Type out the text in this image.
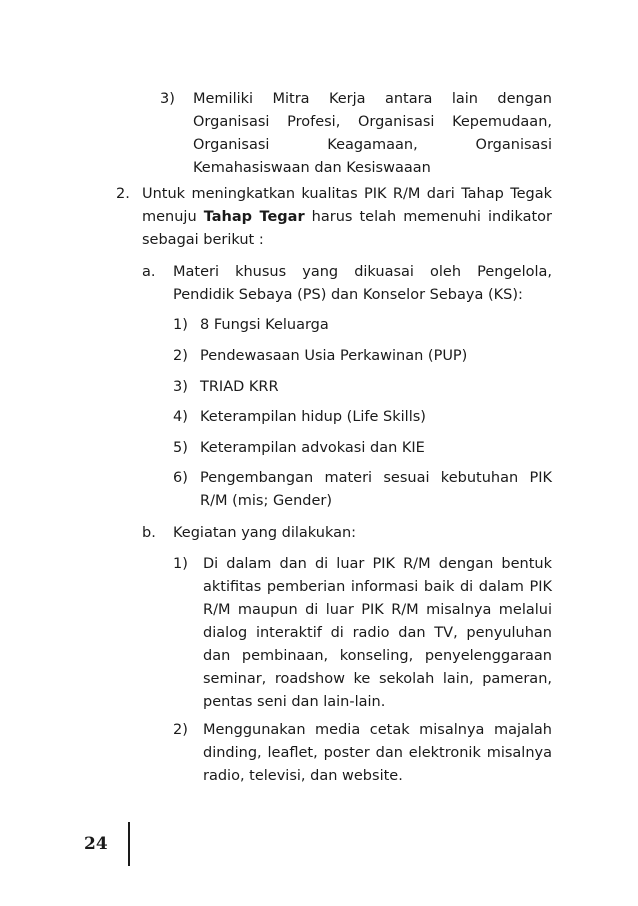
3) Memiliki Mitra Kerja antara lain dengan Organisasi Profesi, Organisasi Kepemudaan, Organisasi Keagamaan, Organisasi Kemahasiswaan dan Kesiswaaan
2. Untuk meningkatkan kualitas PIK R/M dari Tahap Tegak menuju Tahap Tegar harus telah memenuhi indikator sebagai berikut :
a. Materi khusus yang dikuasai oleh Pengelola, Pendidik Sebaya (PS) dan Konselor Sebaya (KS):
1) 8 Fungsi Keluarga
2) Pendewasaan Usia Perkawinan (PUP)
3) TRIAD KRR
4) Keterampilan hidup (Life Skills)
5) Keterampilan advokasi dan KIE
6) Pengembangan materi sesuai kebutuhan PIK R/M (mis; Gender)
b. Kegiatan yang dilakukan:
1) Di dalam dan di luar PIK R/M dengan bentuk aktifitas pemberian informasi baik di dalam PIK R/M maupun di luar PIK R/M misalnya melalui dialog interaktif di radio dan TV, penyuluhan dan pembinaan, konseling, penyelenggaraan seminar, roadshow ke sekolah lain, pameran, pentas seni dan lain-lain.
2) Menggunakan media cetak misalnya majalah dinding, leaflet, poster dan elektronik misalnya radio, televisi, dan website.
24
